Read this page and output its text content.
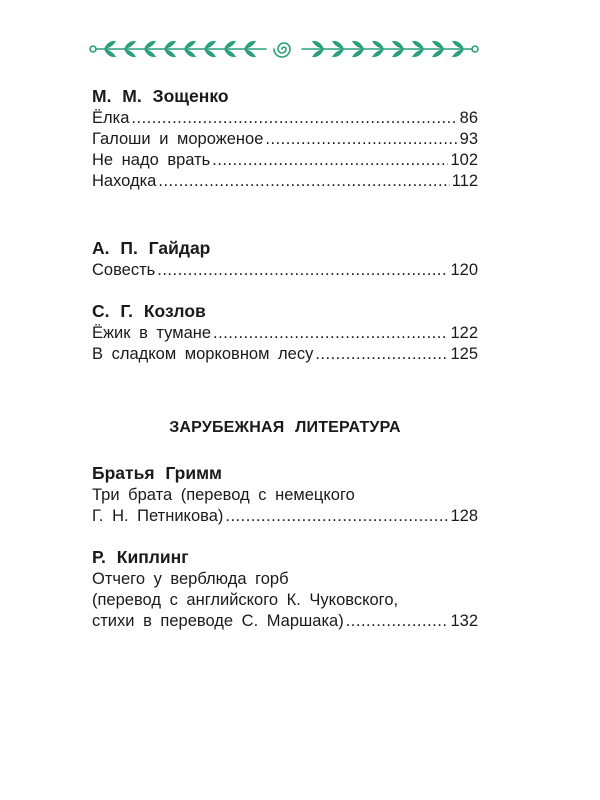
М. М. Зощенко
Ёлка .....	86
Галоши и мороженое .....	93
Не надо врать .....	102
Находка .....	112
А. П. Гайдар
Совесть .....	120
С. Г. Козлов
Ёжик в тумане .....	122
В сладком морковном лесу .....	125
ЗАРУБЕЖНАЯ ЛИТЕРАТУРА
Братья Гримм
Три брата (перевод с немецкого
Г. Н. Петникова) .....	128
Р. Киплинг
Отчего у верблюда горб
(перевод с английского К. Чуковского,
стихи в переводе С. Маршака) .....	132
